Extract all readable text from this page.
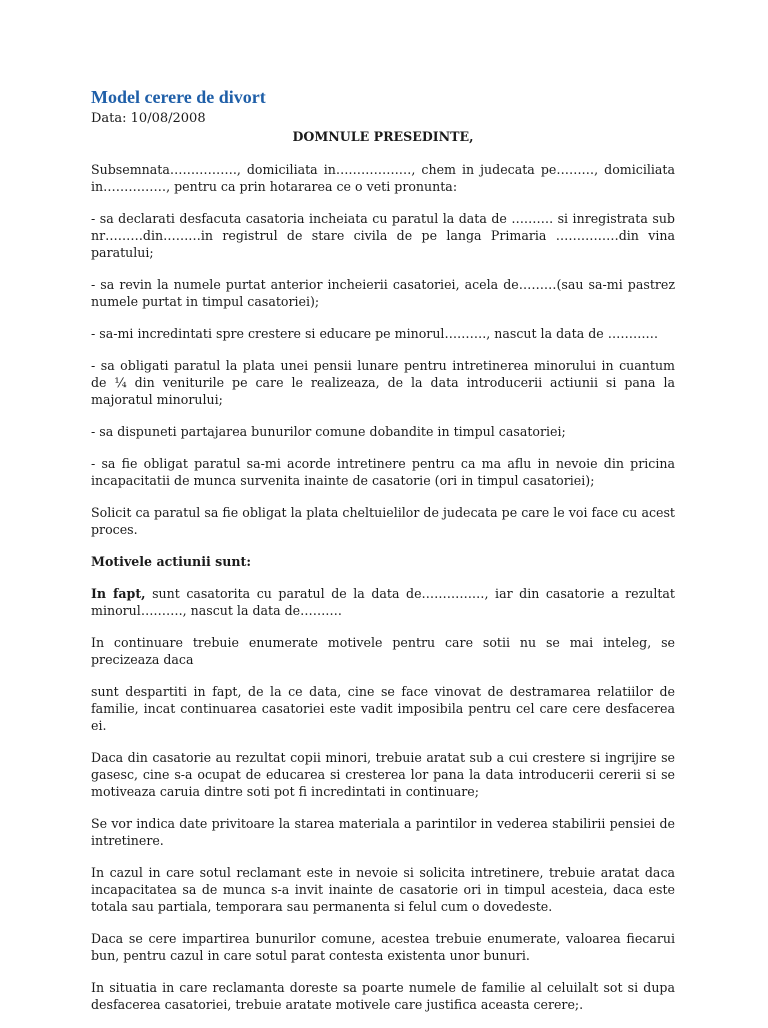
Model cerere de divort
Data: 10/08/2008
DOMNULE PRESEDINTE,

Subsemnata……………., domiciliata in………………, chem in judecata pe………, domiciliata in……………, pentru ca prin hotararea ce o veti pronunta:

- sa declarati desfacuta casatoria incheiata cu paratul la data de ………. si inregistrata sub nr………din………in registrul de stare civila de pe langa Primaria ……………din vina paratului;

- sa revin la numele purtat anterior incheierii casatoriei, acela de………(sau sa-mi pastrez numele purtat in timpul casatoriei);

- sa-mi incredintati spre crestere si educare pe minorul………., nascut la data de …………

- sa obligati paratul la plata unei pensii lunare pentru intretinerea minorului in cuantum de ¼ din veniturile pe care le realizeaza, de la data introducerii actiunii si pana la majoratul minorului;

- sa dispuneti partajarea bunurilor comune dobandite in timpul casatoriei;

- sa fie obligat paratul sa-mi acorde intretinere pentru ca ma aflu in nevoie din pricina incapacitatii de munca survenita inainte de casatorie (ori in timpul casatoriei);

Solicit ca paratul sa fie obligat la plata cheltuielilor de judecata pe care le voi face cu acest proces.

Motivele actiunii sunt:

In fapt, sunt casatorita cu paratul de la data de……………, iar din casatorie a rezultat minorul………., nascut la data de……….

In continuare trebuie enumerate motivele pentru care sotii nu se mai inteleg, se precizeaza daca

sunt despartiti in fapt, de la ce data, cine se face vinovat de destramarea relatiilor de familie, incat continuarea casatoriei este vadit imposibila pentru cel care cere desfacerea ei.

Daca din casatorie au rezultat copii minori, trebuie aratat sub a cui crestere si ingrijire se gasesc, cine s-a ocupat de educarea si cresterea lor pana la data introducerii cererii si se motiveaza caruia dintre soti pot fi incredintati in continuare;

Se vor indica date privitoare la starea materiala a parintilor in vederea stabilirii pensiei de intretinere.

In cazul in care sotul reclamant este in nevoie si solicita intretinere, trebuie aratat daca incapacitatea sa de munca s-a invit inainte de casatorie ori in timpul acesteia, daca este totala sau partiala, temporara sau permanenta si felul cum o dovedeste.

Daca se cere impartirea bunurilor comune, acestea trebuie enumerate, valoarea fiecarui bun, pentru cazul in care sotul parat contesta existenta unor bunuri.

In situatia in care reclamanta doreste sa poarte numele de familie al celuilalt sot si dupa desfacerea casatoriei, trebuie aratate motivele care justifica aceasta cerere;.
